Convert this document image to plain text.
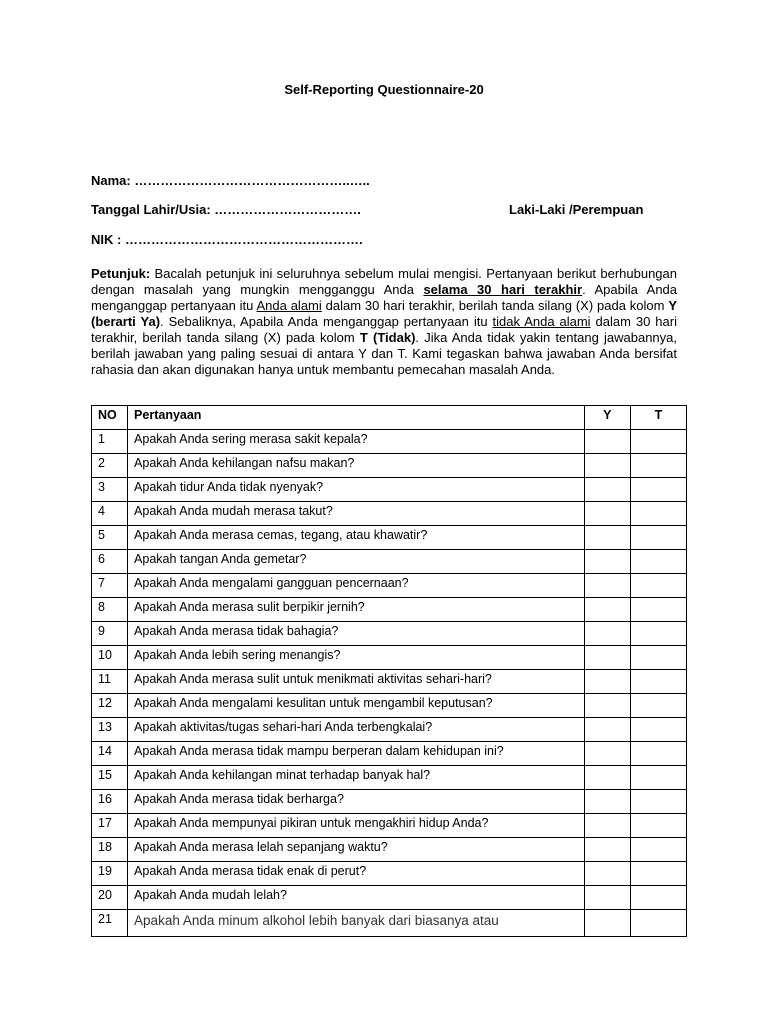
Self-Reporting Questionnaire-20
Nama: …………………………………………..…..
Tanggal Lahir/Usia: …………………………….	Laki-Laki /Perempuan
NIK : ……………………………………………….
Petunjuk: Bacalah petunjuk ini seluruhnya sebelum mulai mengisi. Pertanyaan berikut berhubungan dengan masalah yang mungkin mengganggu Anda selama 30 hari terakhir. Apabila Anda menganggap pertanyaan itu Anda alami dalam 30 hari terakhir, berilah tanda silang (X) pada kolom Y (berarti Ya). Sebaliknya, Apabila Anda menganggap pertanyaan itu tidak Anda alami dalam 30 hari terakhir, berilah tanda silang (X) pada kolom T (Tidak). Jika Anda tidak yakin tentang jawabannya, berilah jawaban yang paling sesuai di antara Y dan T. Kami tegaskan bahwa jawaban Anda bersifat rahasia dan akan digunakan hanya untuk membantu pemecahan masalah Anda.
NO	Pertanyaan	Y	T
1	Apakah Anda sering merasa sakit kepala?		
2	Apakah Anda kehilangan nafsu makan?		
3	Apakah tidur Anda tidak nyenyak?		
4	Apakah Anda mudah merasa takut?		
5	Apakah Anda merasa cemas, tegang, atau khawatir?		
6	Apakah tangan Anda gemetar?		
7	Apakah Anda mengalami gangguan pencernaan?		
8	Apakah Anda merasa sulit berpikir jernih?		
9	Apakah Anda merasa tidak bahagia?		
10	Apakah Anda lebih sering menangis?		
11	Apakah Anda merasa sulit untuk menikmati aktivitas sehari-hari?		
12	Apakah Anda mengalami kesulitan untuk mengambil keputusan?		
13	Apakah aktivitas/tugas sehari-hari Anda terbengkalai?		
14	Apakah Anda merasa tidak mampu berperan dalam kehidupan ini?		
15	Apakah Anda kehilangan minat terhadap banyak hal?		
16	Apakah Anda merasa tidak berharga?		
17	Apakah Anda mempunyai pikiran untuk mengakhiri hidup Anda?		
18	Apakah Anda merasa lelah sepanjang waktu?		
19	Apakah Anda merasa tidak enak di perut?		
20	Apakah Anda mudah lelah?		
21	Apakah Anda minum alkohol lebih banyak dari biasanya atau		
